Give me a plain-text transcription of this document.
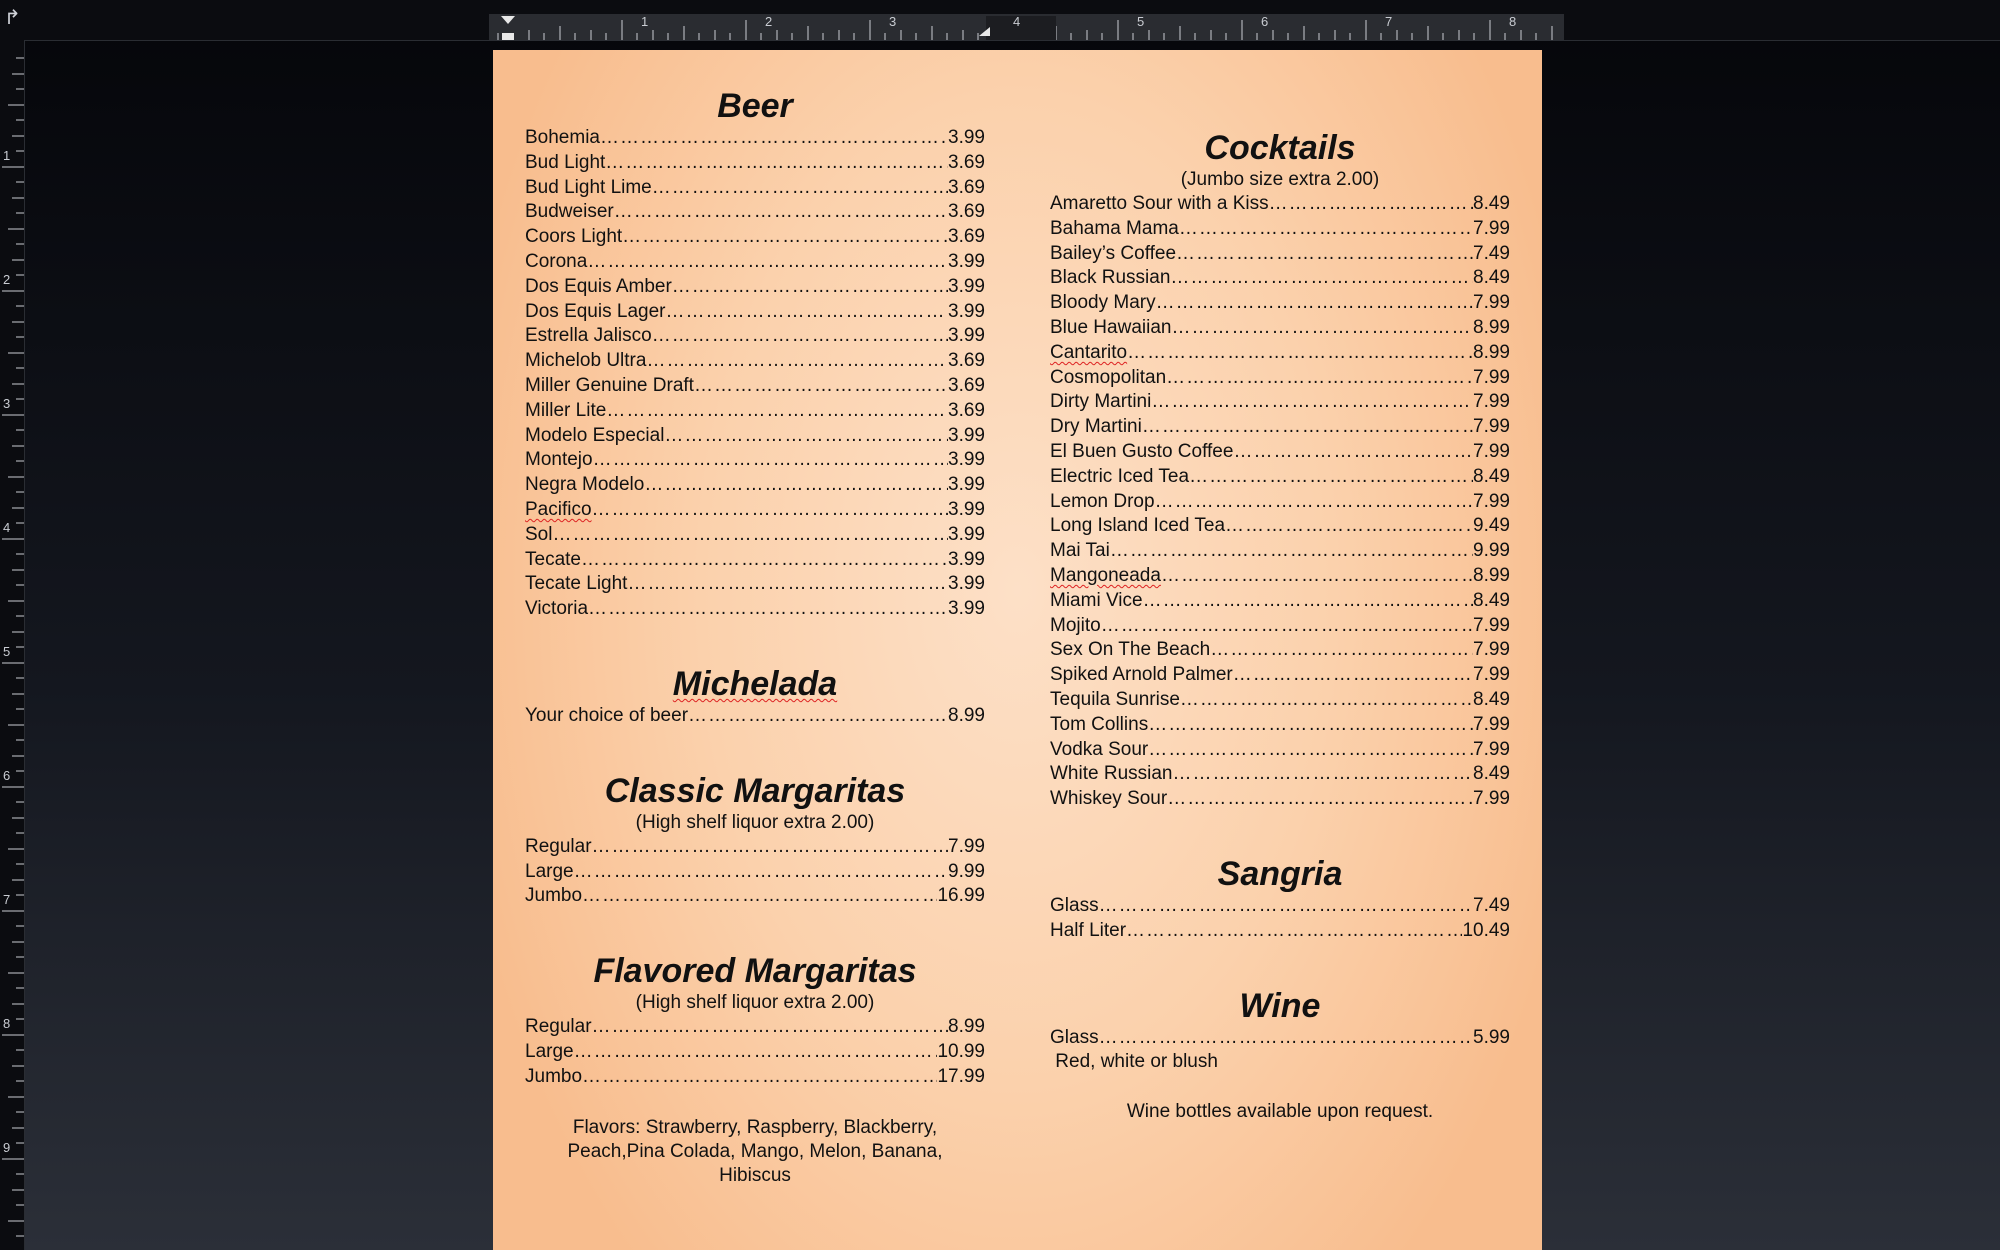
↱	1	2	3	4	5	6	7	8
1
2
3
4
5
6
7
8
9
Beer
Bohemia ……………………………………………………………………………………	3.99
Bud Light ……………………………………………………………………………………	3.69
Bud Light Lime ……………………………………………………………………………………	3.69
Budweiser ……………………………………………………………………………………	3.69
Coors Light ……………………………………………………………………………………	3.69
Corona ……………………………………………………………………………………	3.99
Dos Equis Amber ……………………………………………………………………………………	3.99
Dos Equis Lager ……………………………………………………………………………………	3.99
Estrella Jalisco ……………………………………………………………………………………	3.99
Michelob Ultra ……………………………………………………………………………………	3.69
Miller Genuine Draft ……………………………………………………………………………………	3.69
Miller Lite ……………………………………………………………………………………	3.69
Modelo Especial ……………………………………………………………………………………	3.99
Montejo ……………………………………………………………………………………	3.99
Negra Modelo ……………………………………………………………………………………	3.99
Pacifico ……………………………………………………………………………………	3.99
Sol ……………………………………………………………………………………	3.99
Tecate ……………………………………………………………………………………	3.99
Tecate Light ……………………………………………………………………………………	3.99
Victoria ……………………………………………………………………………………	3.99
Michelada
Your choice of beer ……………………………………………………………………………………	8.99
Classic Margaritas
(High shelf liquor extra 2.00)
Regular ……………………………………………………………………………………	7.99
Large ……………………………………………………………………………………	9.99
Jumbo ……………………………………………………………………………………	16.99
Flavored Margaritas
(High shelf liquor extra 2.00)
Regular ……………………………………………………………………………………	8.99
Large ……………………………………………………………………………………	10.99
Jumbo ……………………………………………………………………………………	17.99
Flavors: Strawberry, Raspberry, Blackberry,
Peach,Pina Colada, Mango, Melon, Banana,
Hibiscus
Cocktails
(Jumbo size extra 2.00)
Amaretto Sour with a Kiss ……………………………………………………………………………………	8.49
Bahama Mama ……………………………………………………………………………………	7.99
Bailey’s Coffee ……………………………………………………………………………………	7.49
Black Russian ……………………………………………………………………………………	8.49
Bloody Mary ……………………………………………………………………………………	7.99
Blue Hawaiian ……………………………………………………………………………………	8.99
Cantarito ……………………………………………………………………………………	8.99
Cosmopolitan ……………………………………………………………………………………	7.99
Dirty Martini ……………………………………………………………………………………	7.99
Dry Martini ……………………………………………………………………………………	7.99
El Buen Gusto Coffee ……………………………………………………………………………………	7.99
Electric Iced Tea ……………………………………………………………………………………	8.49
Lemon Drop ……………………………………………………………………………………	7.99
Long Island Iced Tea ……………………………………………………………………………………	9.49
Mai Tai ……………………………………………………………………………………	9.99
Mangoneada ……………………………………………………………………………………	8.99
Miami Vice ……………………………………………………………………………………	8.49
Mojito ……………………………………………………………………………………	7.99
Sex On The Beach ……………………………………………………………………………………	7.99
Spiked Arnold Palmer ……………………………………………………………………………………	7.99
Tequila Sunrise ……………………………………………………………………………………	8.49
Tom Collins ……………………………………………………………………………………	7.99
Vodka Sour ……………………………………………………………………………………	7.99
White Russian ……………………………………………………………………………………	8.49
Whiskey Sour ……………………………………………………………………………………	7.99
Sangria
Glass ……………………………………………………………………………………	7.49
Half Liter ……………………………………………………………………………………	10.49
Wine
Glass ……………………………………………………………………………………	5.99
Red, white or blush
Wine bottles available upon request.
